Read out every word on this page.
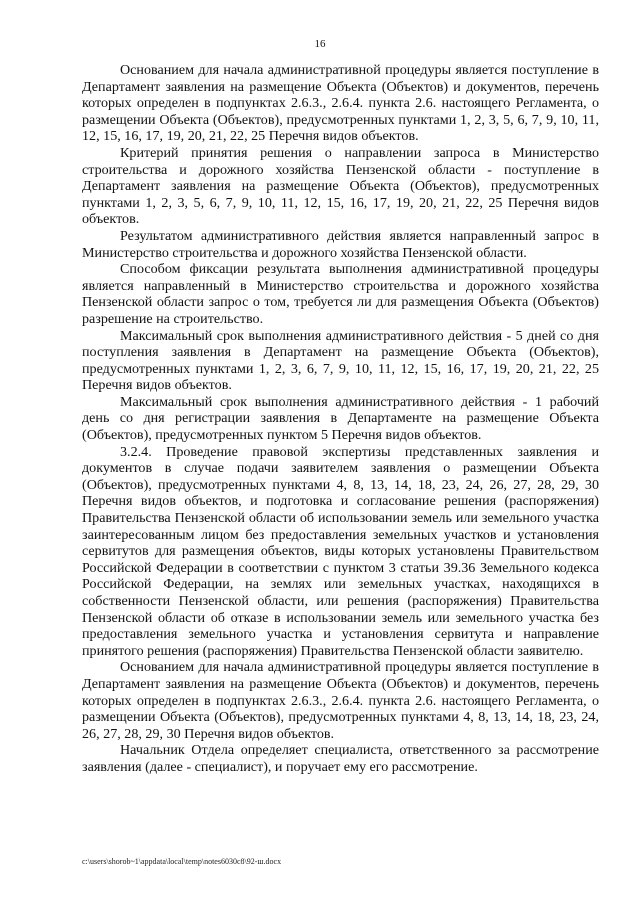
16

Основанием для начала административной процедуры является поступление в Департамент заявления на размещение Объекта (Объектов) и документов, перечень которых определен в подпунктах 2.6.3., 2.6.4. пункта 2.6. настоящего Регламента, о размещении Объекта (Объектов), предусмотренных пунктами 1, 2, 3, 5, 6, 7, 9, 10, 11, 12, 15, 16, 17, 19, 20, 21, 22, 25 Перечня видов объектов.

Критерий принятия решения о направлении запроса в Министерство строительства и дорожного хозяйства Пензенской области - поступление в Департамент заявления на размещение Объекта (Объектов), предусмотренных пунктами 1, 2, 3, 5, 6, 7, 9, 10, 11, 12, 15, 16, 17, 19, 20, 21, 22, 25 Перечня видов объектов.

Результатом административного действия является направленный запрос в Министерство строительства и дорожного хозяйства Пензенской области.

Способом фиксации результата выполнения административной процедуры является направленный в Министерство строительства и дорожного хозяйства Пензенской области запрос о том, требуется ли для размещения Объекта (Объектов) разрешение на строительство.

Максимальный срок выполнения административного действия - 5 дней со дня поступления заявления в Департамент на размещение Объекта (Объектов), предусмотренных пунктами 1, 2, 3, 6, 7, 9, 10, 11, 12, 15, 16, 17, 19, 20, 21, 22, 25 Перечня видов объектов.

Максимальный срок выполнения административного действия - 1 рабочий день со дня регистрации заявления в Департаменте на размещение Объекта (Объектов), предусмотренных пунктом 5 Перечня видов объектов.

3.2.4. Проведение правовой экспертизы представленных заявления и документов в случае подачи заявителем заявления о размещении Объекта (Объектов), предусмотренных пунктами 4, 8, 13, 14, 18, 23, 24, 26, 27, 28, 29, 30 Перечня видов объектов, и подготовка и согласование решения (распоряжения) Правительства Пензенской области об использовании земель или земельного участка заинтересованным лицом без предоставления земельных участков и установления сервитутов для размещения объектов, виды которых установлены Правительством Российской Федерации в соответствии с пунктом 3 статьи 39.36 Земельного кодекса Российской Федерации, на землях или земельных участках, находящихся в собственности Пензенской области, или решения (распоряжения) Правительства Пензенской области об отказе в использовании земель или земельного участка без предоставления земельного участка и установления сервитута и направление принятого решения (распоряжения) Правительства Пензенской области заявителю.

Основанием для начала административной процедуры является поступление в Департамент заявления на размещение Объекта (Объектов) и документов, перечень которых определен в подпунктах 2.6.3., 2.6.4. пункта 2.6. настоящего Регламента, о размещении Объекта (Объектов), предусмотренных пунктами 4, 8, 13, 14, 18, 23, 24, 26, 27, 28, 29, 30 Перечня видов объектов.

Начальник Отдела определяет специалиста, ответственного за рассмотрение заявления (далее - специалист), и поручает ему его рассмотрение.

c:\users\shorob~1\appdata\local\temp\notes6030c8\92-ш.docx
